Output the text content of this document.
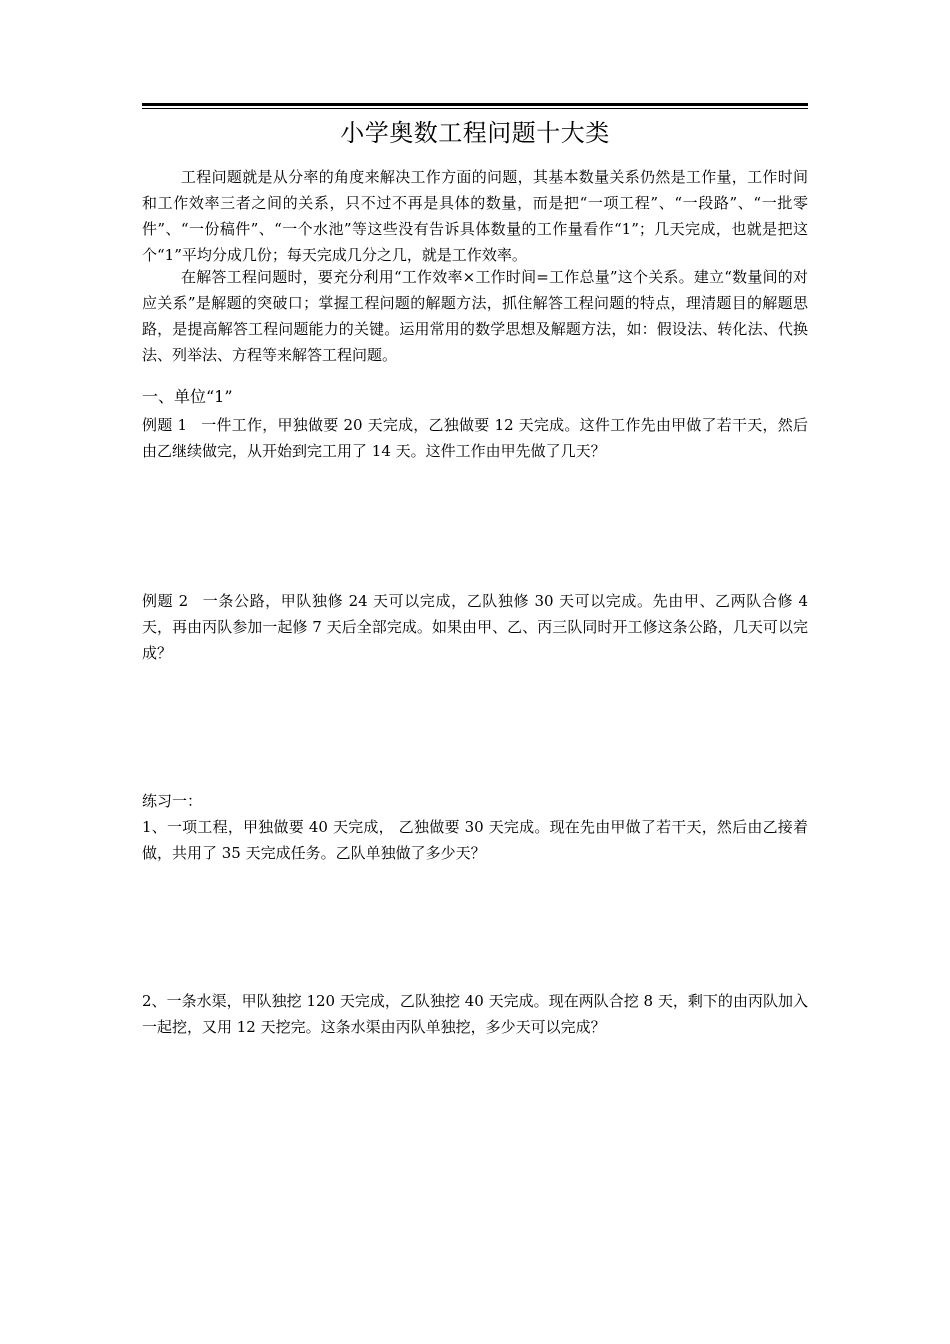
小学奥数工程问题十大类

工程问题就是从分率的角度来解决工作方面的问题，其基本数量关系仍然是工作量，工作时间和工作效率三者之间的关系，只不过不再是具体的数量，而是把“一项工程”、“一段路”、“一批零件”、“一份稿件”、“一个水池”等这些没有告诉具体数量的工作量看作“1”；几天完成，也就是把这个“1”平均分成几份；每天完成几分之几，就是工作效率。

在解答工程问题时，要充分利用“工作效率×工作时间=工作总量”这个关系。建立“数量间的对应关系”是解题的突破口；掌握工程问题的解题方法，抓住解答工程问题的特点，理清题目的解题思路，是提高解答工程问题能力的关键。运用常用的数学思想及解题方法，如：假设法、转化法、代换法、列举法、方程等来解答工程问题。

一、单位“1”

例题 1 一件工作，甲独做要 20 天完成，乙独做要 12 天完成。这件工作先由甲做了若干天，然后由乙继续做完，从开始到完工用了 14 天。这件工作由甲先做了几天？

例题 2 一条公路，甲队独修 24 天可以完成，乙队独修 30 天可以完成。先由甲、乙两队合修 4 天，再由丙队参加一起修 7 天后全部完成。如果由甲、乙、丙三队同时开工修这条公路，几天可以完成？

练习一：

1、一项工程，甲独做要 40 天完成， 乙独做要 30 天完成。现在先由甲做了若干天，然后由乙接着做，共用了 35 天完成任务。乙队单独做了多少天？

2、一条水渠，甲队独挖 120 天完成，乙队独挖 40 天完成。现在两队合挖 8 天，剩下的由丙队加入一起挖，又用 12 天挖完。这条水渠由丙队单独挖，多少天可以完成？
